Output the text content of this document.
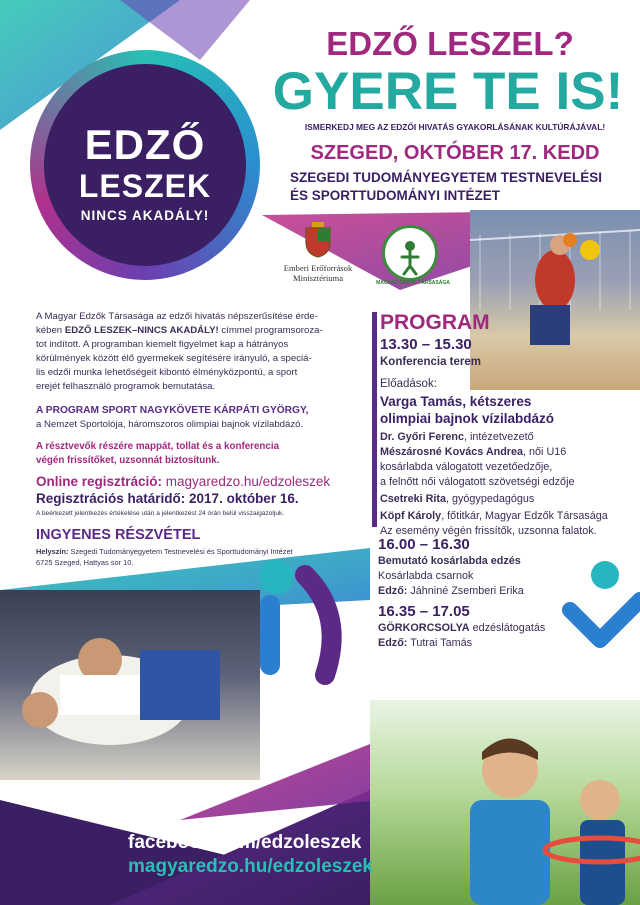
EDZŐ
LESZEK
NINCS AKADÁLY!
EDZŐ LESZEL?
GYERE TE IS!
ISMERKEDJ MEG AZ EDZŐI HIVATÁS GYAKORLÁSÁNAK KULTÚRÁJÁVAL!
SZEGED, OKTÓBER 17. KEDD
SZEGEDI TUDOMÁNYEGYETEM TESTNEVELÉSI
ÉS SPORTTUDOMÁNYI INTÉZET
Emberi Erőforrások
Minisztériuma	MAGYAR EDZŐK TÁRSASÁGA
A Magyar Edzők Társasága az edzői hivatás népszerűsítése érde-
kében EDZŐ LESZEK–NINCS AKADÁLY! címmel programsoroza-
tot indított. A programban kiemelt figyelmet kap a hátrányos
körülmények között élő gyermekek segítésére irányuló, a speciá-
lis edzői munka lehetőségeit kibontó élményközpontú, a sport
erejét felhasználó programok bemutatása.
A PROGRAM SPORT NAGYKÖVETE KÁRPÁTI GYÖRGY,
a Nemzet Sportolója, háromszoros olimpiai bajnok vízilabdázó.
A résztvevők részére mappát, tollat és a konferencia
végén frissítőket, uzsonnát biztosítunk.
Online regisztráció: magyaredzo.hu/edzoleszek
Regisztrációs határidő: 2017. október 16.
A beérkezett jelentkezés értékelése után a jelentkezést 24 órán belül visszaigazoljuk.
INGYENES RÉSZVÉTEL
Helyszín: Szegedi Tudományegyetem Testnevelési és Sporttudományi Intézet
6725 Szeged, Hattyas sor 10.
PROGRAM
13.30 – 15.30
Konferencia terem
Előadások:
Varga Tamás, kétszeres
olimpiai bajnok vízilabdázó
Dr. Győri Ferenc, intézetvezető
Mészárosné Kovács Andrea, női U16
kosárlabda válogatott vezetőedzője,
a felnőtt női válogatott szövetségi edzője
Csetreki Rita, gyógypedagógus
Köpf Károly, főtitkár, Magyar Edzők Társasága
Az esemény végén frissítők, uzsonna falatok.
16.00 – 16.30
Bemutató kosárlabda edzés
Kosárlabda csarnok
Edző: Jáhniné Zsemberi Erika
16.35 – 17.05
GÖRKORCSOLYA edzéslátogatás
Edző: Tutrai Tamás
facebook.com/edzoleszek
magyaredzo.hu/edzoleszek
